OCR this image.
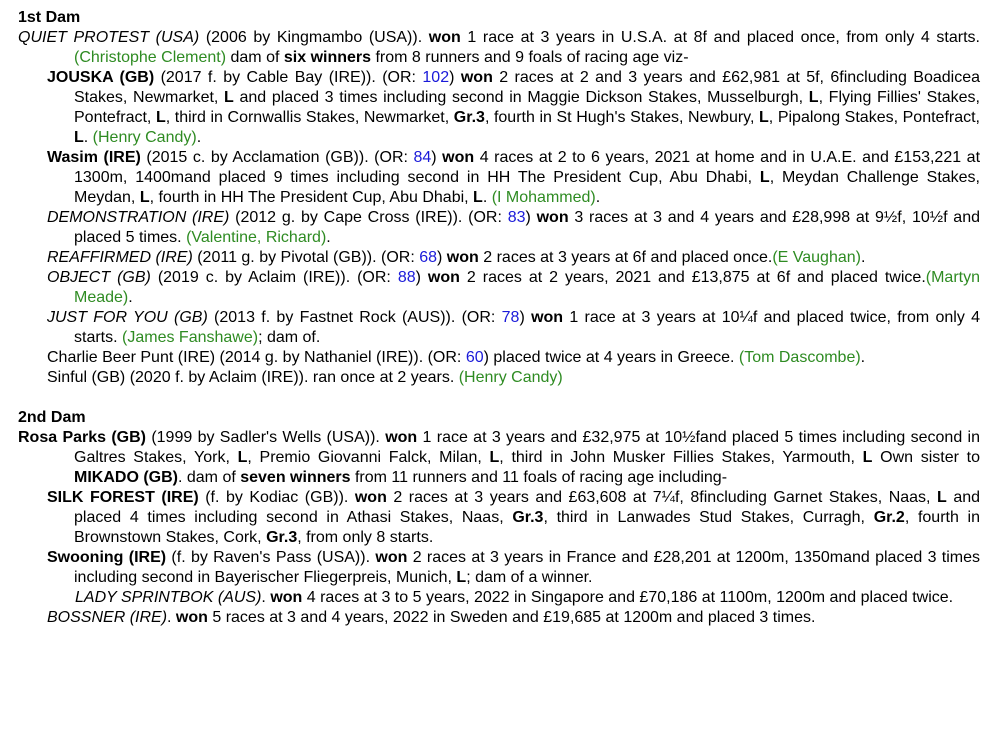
1st Dam
QUIET PROTEST (USA) (2006 by Kingmambo (USA)). won 1 race at 3 years in U.S.A. at 8f and placed once, from only 4 starts. (Christophe Clement) dam of six winners from 8 runners and 9 foals of racing age viz-
JOUSKA (GB) (2017 f. by Cable Bay (IRE)). (OR: 102) won 2 races at 2 and 3 years and £62,981 at 5f, 6fincluding Boadicea Stakes, Newmarket, L and placed 3 times including second in Maggie Dickson Stakes, Musselburgh, L, Flying Fillies' Stakes, Pontefract, L, third in Cornwallis Stakes, Newmarket, Gr.3, fourth in St Hugh's Stakes, Newbury, L, Pipalong Stakes, Pontefract, L. (Henry Candy).
Wasim (IRE) (2015 c. by Acclamation (GB)). (OR: 84) won 4 races at 2 to 6 years, 2021 at home and in U.A.E. and £153,221 at 1300m, 1400mand placed 9 times including second in HH The President Cup, Abu Dhabi, L, Meydan Challenge Stakes, Meydan, L, fourth in HH The President Cup, Abu Dhabi, L. (I Mohammed).
DEMONSTRATION (IRE) (2012 g. by Cape Cross (IRE)). (OR: 83) won 3 races at 3 and 4 years and £28,998 at 9½f, 10½f and placed 5 times. (Valentine, Richard).
REAFFIRMED (IRE) (2011 g. by Pivotal (GB)). (OR: 68) won 2 races at 3 years at 6f and placed once.(E Vaughan).
OBJECT (GB) (2019 c. by Aclaim (IRE)). (OR: 88) won 2 races at 2 years, 2021 and £13,875 at 6f and placed twice.(Martyn Meade).
JUST FOR YOU (GB) (2013 f. by Fastnet Rock (AUS)). (OR: 78) won 1 race at 3 years at 10¼f and placed twice, from only 4 starts. (James Fanshawe); dam of.
Charlie Beer Punt (IRE) (2014 g. by Nathaniel (IRE)). (OR: 60) placed twice at 4 years in Greece. (Tom Dascombe).
Sinful (GB) (2020 f. by Aclaim (IRE)). ran once at 2 years. (Henry Candy)
2nd Dam
Rosa Parks (GB) (1999 by Sadler's Wells (USA)). won 1 race at 3 years and £32,975 at 10½fand placed 5 times including second in Galtres Stakes, York, L, Premio Giovanni Falck, Milan, L, third in John Musker Fillies Stakes, Yarmouth, L Own sister to MIKADO (GB). dam of seven winners from 11 runners and 11 foals of racing age including-
SILK FOREST (IRE) (f. by Kodiac (GB)). won 2 races at 3 years and £63,608 at 7¼f, 8fincluding Garnet Stakes, Naas, L and placed 4 times including second in Athasi Stakes, Naas, Gr.3, third in Lanwades Stud Stakes, Curragh, Gr.2, fourth in Brownstown Stakes, Cork, Gr.3, from only 8 starts.
Swooning (IRE) (f. by Raven's Pass (USA)). won 2 races at 3 years in France and £28,201 at 1200m, 1350mand placed 3 times including second in Bayerischer Fliegerpreis, Munich, L; dam of a winner.
LADY SPRINTBOK (AUS). won 4 races at 3 to 5 years, 2022 in Singapore and £70,186 at 1100m, 1200m and placed twice.
BOSSNER (IRE). won 5 races at 3 and 4 years, 2022 in Sweden and £19,685 at 1200m and placed 3 times.
